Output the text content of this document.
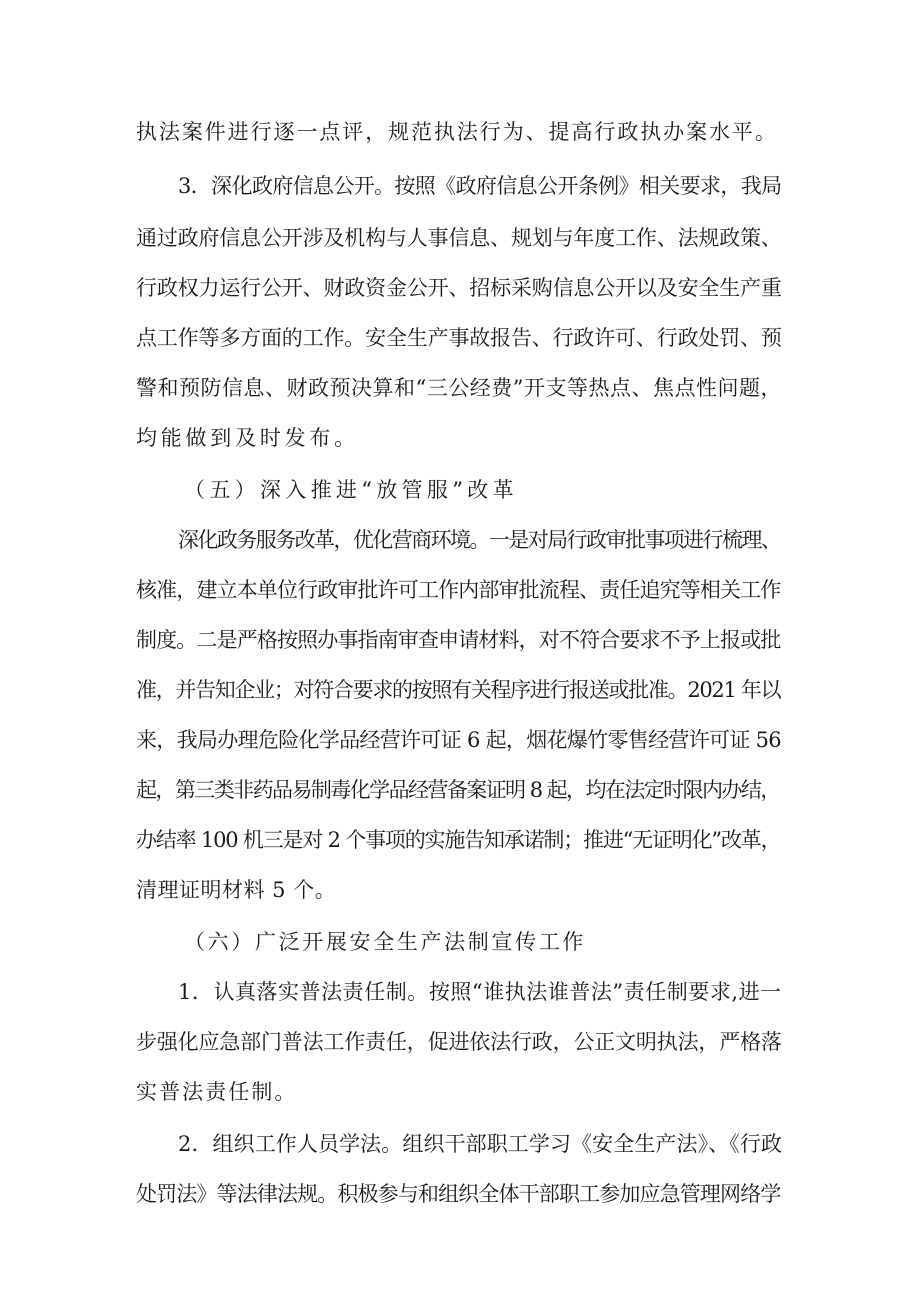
执法案件进行逐一点评，规范执法行为、提高行政执办案水平。
3．深化政府信息公开。按照《政府信息公开条例》相关要求，我局
通过政府信息公开涉及机构与人事信息、规划与年度工作、法规政策、
行政权力运行公开、财政资金公开、招标采购信息公开以及安全生产重
点工作等多方面的工作。安全生产事故报告、行政许可、行政处罚、预
警和预防信息、财政预决算和“三公经费”开支等热点、焦点性问题，
均能做到及时发布。
（五）深入推进“放管服”改革
深化政务服务改革，优化营商环境。一是对局行政审批事项进行梳理、
核准，建立本单位行政审批许可工作内部审批流程、责任追究等相关工作
制度。二是严格按照办事指南审查申请材料，对不符合要求不予上报或批
准，并告知企业；对符合要求的按照有关程序进行报送或批准。2021 年以
来，我局办理危险化学品经营许可证 6 起，烟花爆竹零售经营许可证 56
起，第三类非药品易制毒化学品经营备案证明 8 起，均在法定时限内办结，
办结率 100 机三是对 2 个事项的实施告知承诺制；推进“无证明化”改革，
清理证明材料 5 个。
（六）广泛开展安全生产法制宣传工作
1．认真落实普法责任制。按照“谁执法谁普法”责任制要求,进一
步强化应急部门普法工作责任，促进依法行政，公正文明执法，严格落
实普法责任制。
2．组织工作人员学法。组织干部职工学习《安全生产法》、《行政
处罚法》等法律法规。积极参与和组织全体干部职工参加应急管理网络学
